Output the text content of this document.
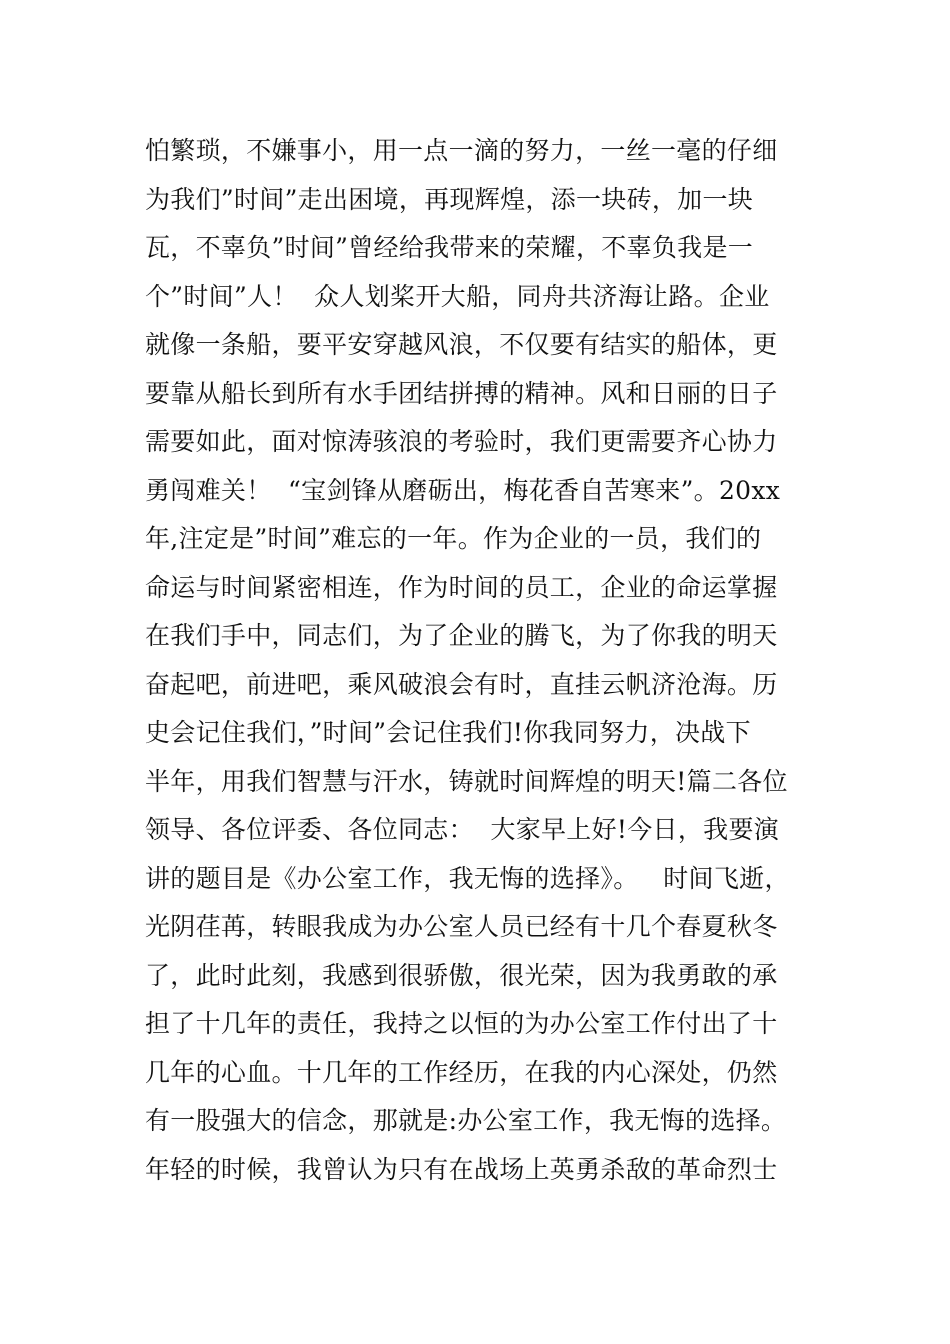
怕繁琐，不嫌事小，用一点一滴的努力，一丝一毫的仔细
为我们”时间”走出困境，再现辉煌，添一块砖，加一块
瓦，不辜负”时间”曾经给我带来的荣耀，不辜负我是一
个”时间”人！  众人划桨开大船，同舟共济海让路。企业
就像一条船，要平安穿越风浪，不仅要有结实的船体，更
要靠从船长到所有水手团结拼搏的精神。风和日丽的日子
需要如此，面对惊涛骇浪的考验时，我们更需要齐心协力
勇闯难关！  “宝剑锋从磨砺出，梅花香自苦寒来”。20xx
年,注定是”时间”难忘的一年。作为企业的一员，我们的
命运与时间紧密相连，作为时间的员工，企业的命运掌握
在我们手中，同志们，为了企业的腾飞，为了你我的明天
奋起吧，前进吧，乘风破浪会有时，直挂云帆济沧海。历
史会记住我们，”时间”会记住我们!你我同努力，决战下
半年，用我们智慧与汗水，铸就时间辉煌的明天!篇二各位
领导、各位评委、各位同志：  大家早上好!今日，我要演
讲的题目是《办公室工作，我无悔的选择》。   时间飞逝，
光阴荏苒，转眼我成为办公室人员已经有十几个春夏秋冬
了，此时此刻，我感到很骄傲，很光荣，因为我勇敢的承
担了十几年的责任，我持之以恒的为办公室工作付出了十
几年的心血。十几年的工作经历，在我的内心深处，仍然
有一股强大的信念，那就是:办公室工作，我无悔的选择。
年轻的时候，我曾认为只有在战场上英勇杀敌的革命烈士
